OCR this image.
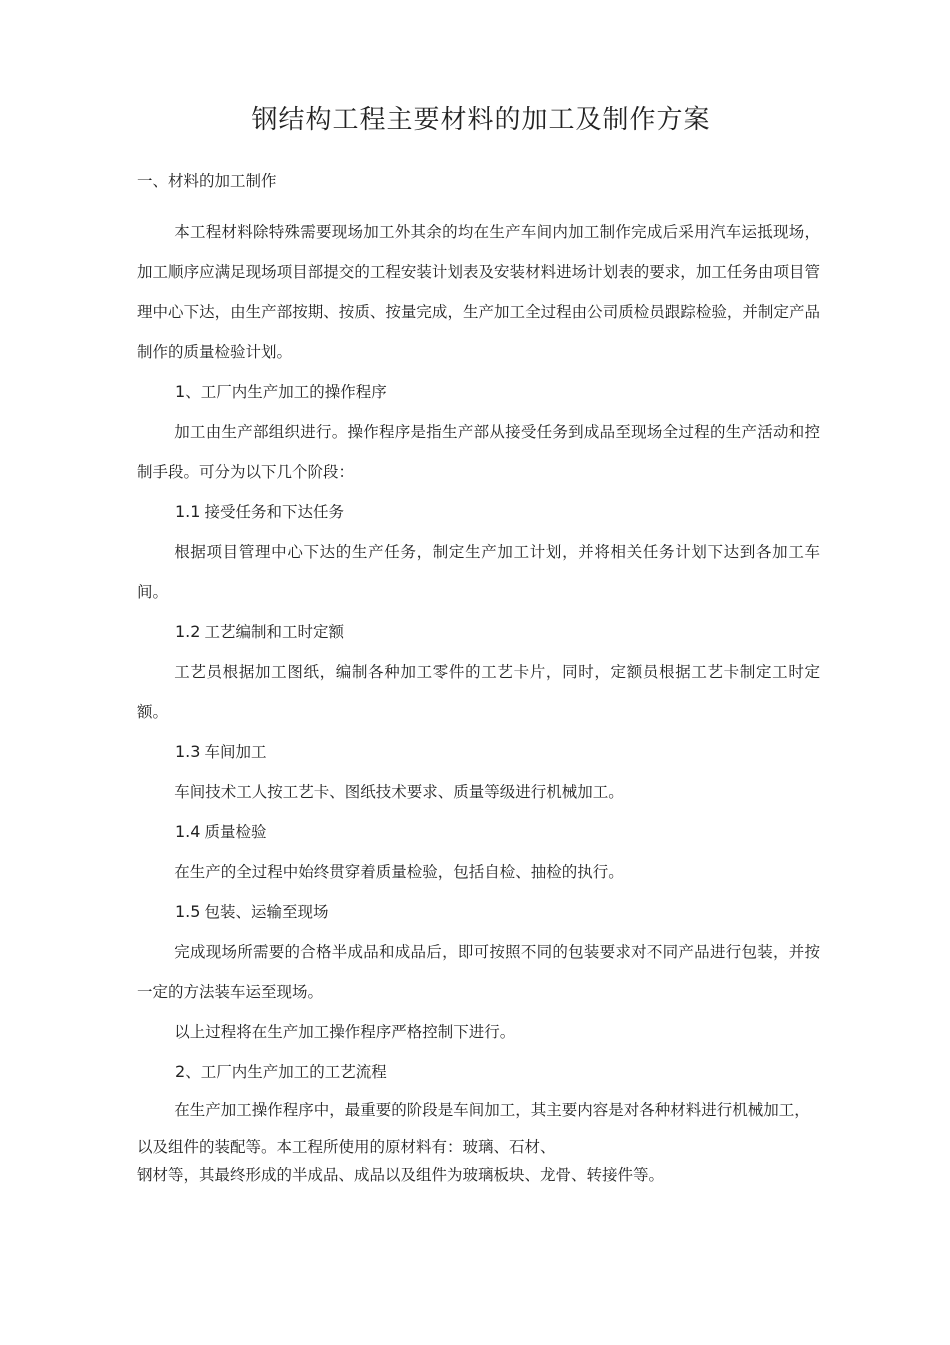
钢结构工程主要材料的加工及制作方案
一、材料的加工制作

本工程材料除特殊需要现场加工外其余的均在生产车间内加工制作完成后采用汽车运抵现场，加工顺序应满足现场项目部提交的工程安装计划表及安装材料进场计划表的要求，加工任务由项目管理中心下达，由生产部按期、按质、按量完成，生产加工全过程由公司质检员跟踪检验，并制定产品制作的质量检验计划。

1、工厂内生产加工的操作程序

加工由生产部组织进行。操作程序是指生产部从接受任务到成品至现场全过程的生产活动和控制手段。可分为以下几个阶段：

1.1 接受任务和下达任务

根据项目管理中心下达的生产任务，制定生产加工计划，并将相关任务计划下达到各加工车间。

1.2 工艺编制和工时定额

工艺员根据加工图纸，编制各种加工零件的工艺卡片，同时，定额员根据工艺卡制定工时定额。

1.3 车间加工

车间技术工人按工艺卡、图纸技术要求、质量等级进行机械加工。

1.4 质量检验

在生产的全过程中始终贯穿着质量检验，包括自检、抽检的执行。

1.5 包装、运输至现场

完成现场所需要的合格半成品和成品后，即可按照不同的包装要求对不同产品进行包装，并按一定的方法装车运至现场。

以上过程将在生产加工操作程序严格控制下进行。

2、工厂内生产加工的工艺流程

在生产加工操作程序中，最重要的阶段是车间加工，其主要内容是对各种材料进行机械加工，以及组件的装配等。本工程所使用的原材料有：玻璃、石材、

钢材等，其最终形成的半成品、成品以及组件为玻璃板块、龙骨、转接件等。
